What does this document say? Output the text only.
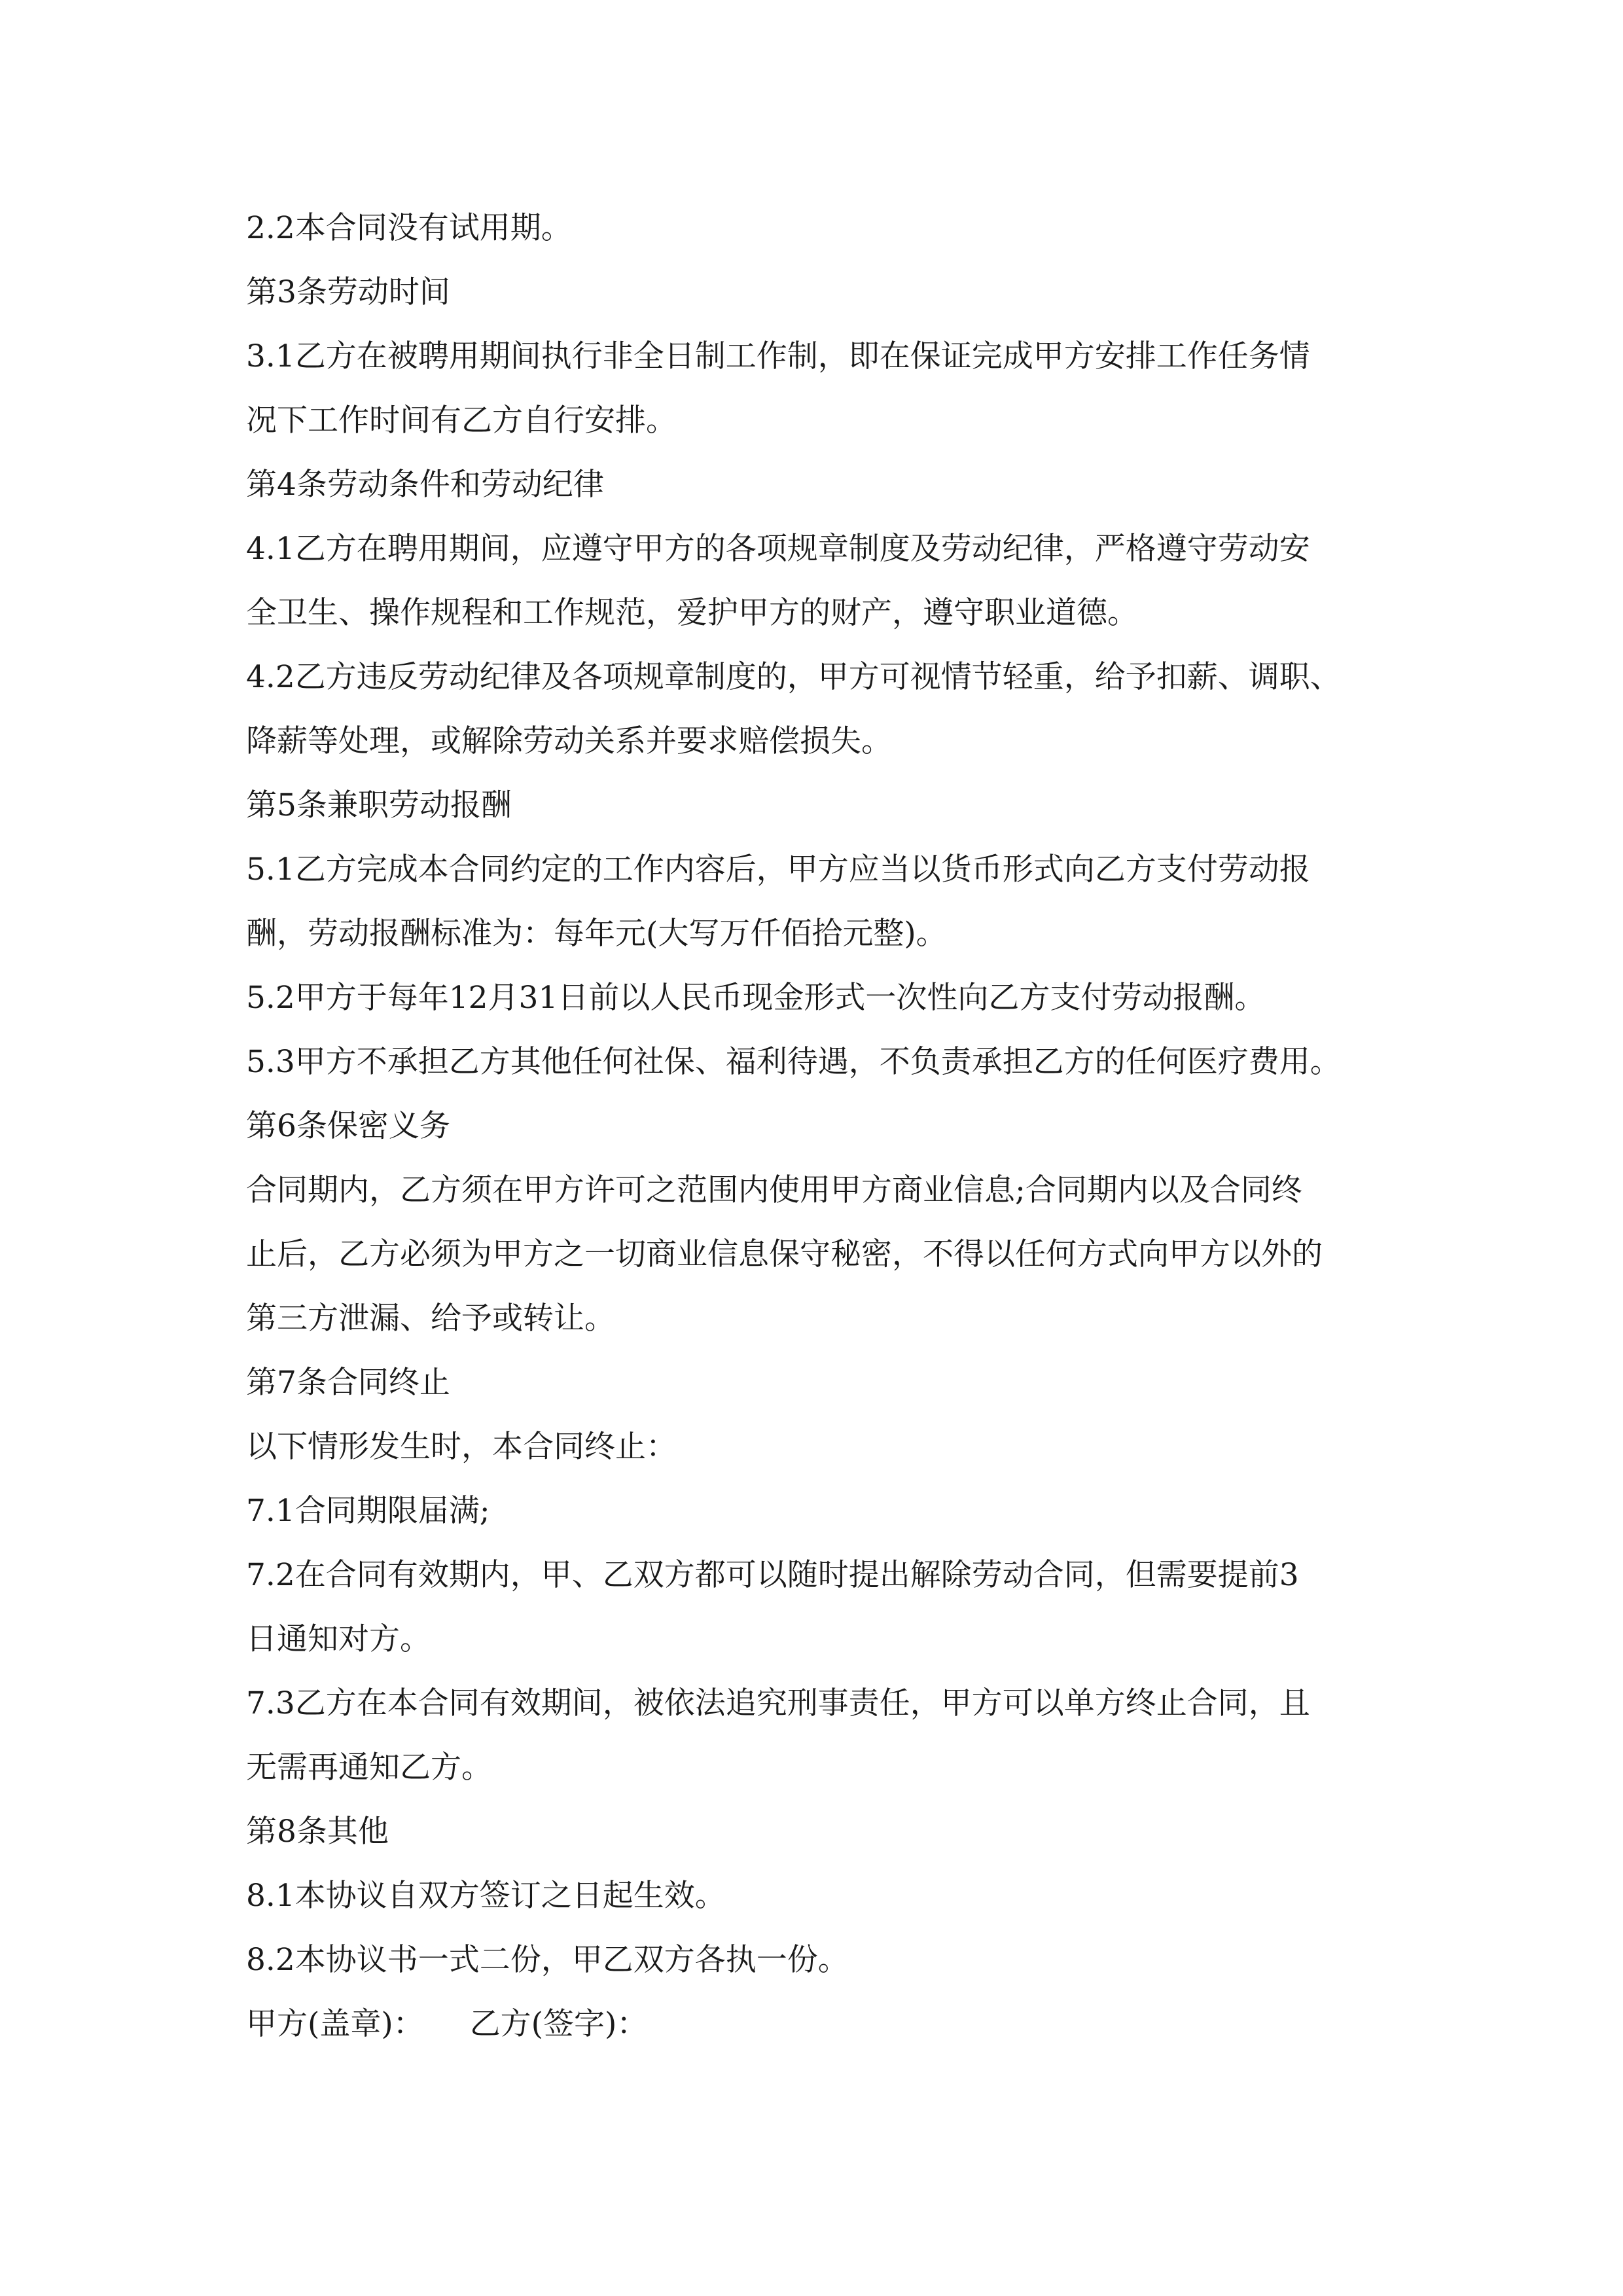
2.2本合同没有试用期。
第3条劳动时间
3.1乙方在被聘用期间执行非全日制工作制，即在保证完成甲方安排工作任务情
况下工作时间有乙方自行安排。
第4条劳动条件和劳动纪律
4.1乙方在聘用期间，应遵守甲方的各项规章制度及劳动纪律，严格遵守劳动安
全卫生、操作规程和工作规范，爱护甲方的财产，遵守职业道德。
4.2乙方违反劳动纪律及各项规章制度的，甲方可视情节轻重，给予扣薪、调职、
降薪等处理，或解除劳动关系并要求赔偿损失。
第5条兼职劳动报酬
5.1乙方完成本合同约定的工作内容后，甲方应当以货币形式向乙方支付劳动报
酬，劳动报酬标准为：每年元(大写万仟佰拾元整)。
5.2甲方于每年12月31日前以人民币现金形式一次性向乙方支付劳动报酬。
5.3甲方不承担乙方其他任何社保、福利待遇，不负责承担乙方的任何医疗费用。
第6条保密义务
合同期内，乙方须在甲方许可之范围内使用甲方商业信息;合同期内以及合同终
止后，乙方必须为甲方之一切商业信息保守秘密，不得以任何方式向甲方以外的
第三方泄漏、给予或转让。
第7条合同终止
以下情形发生时，本合同终止：
7.1合同期限届满;
7.2在合同有效期内，甲、乙双方都可以随时提出解除劳动合同，但需要提前3
日通知对方。
7.3乙方在本合同有效期间，被依法追究刑事责任，甲方可以单方终止合同，且
无需再通知乙方。
第8条其他
8.1本协议自双方签订之日起生效。
8.2本协议书一式二份，甲乙双方各执一份。
甲方(盖章)： 乙方(签字)：
